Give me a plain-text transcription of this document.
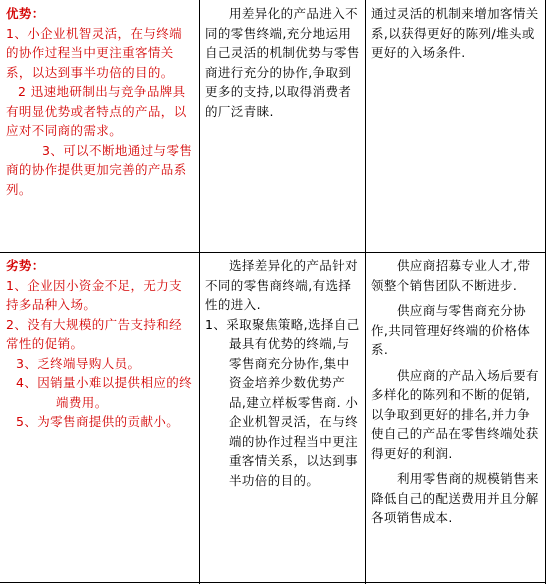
优势：

1、小企业机智灵活，在与终端的协作过程当中更注重客情关系，以达到事半功倍的目的。

2 迅速地研制出与竞争品牌具有明显优势或者特点的产品，以应对不同商的需求。

3、可以不断地通过与零售商的协作提供更加完善的产品系列。

用差异化的产品进入不同的零售终端,充分地运用自己灵活的机制优势与零售商进行充分的协作,争取到更多的支持,以取得消费者的厂泛青睐.

通过灵活的机制来增加客情关系,以获得更好的陈列/堆头或更好的入场条件.

劣势：

1、企业因小资金不足，无力支持多品种入场。

2、没有大规模的广告支持和经常性的促销。

3、乏终端导购人员。

4、因销量小难以提供相应的终端费用。

5、为零售商提供的贡献小。

选择差异化的产品针对不同的零售商终端,有选择性的进入.

1、采取聚焦策略,选择自己最具有优势的终端,与零售商充分协作,集中资金培养少数优势产品,建立样板零售商. 小企业机智灵活，在与终端的协作过程当中更注重客情关系，以达到事半功倍的目的。

供应商招募专业人才,带领整个销售团队不断进步.

供应商与零售商充分协作,共同管理好终端的价格体系.

供应商的产品入场后要有多样化的陈列和不断的促销,以争取到更好的排名,并力争使自己的产品在零售终端处获得更好的利润.

利用零售商的规模销售来降低自己的配送费用并且分解各项销售成本.
